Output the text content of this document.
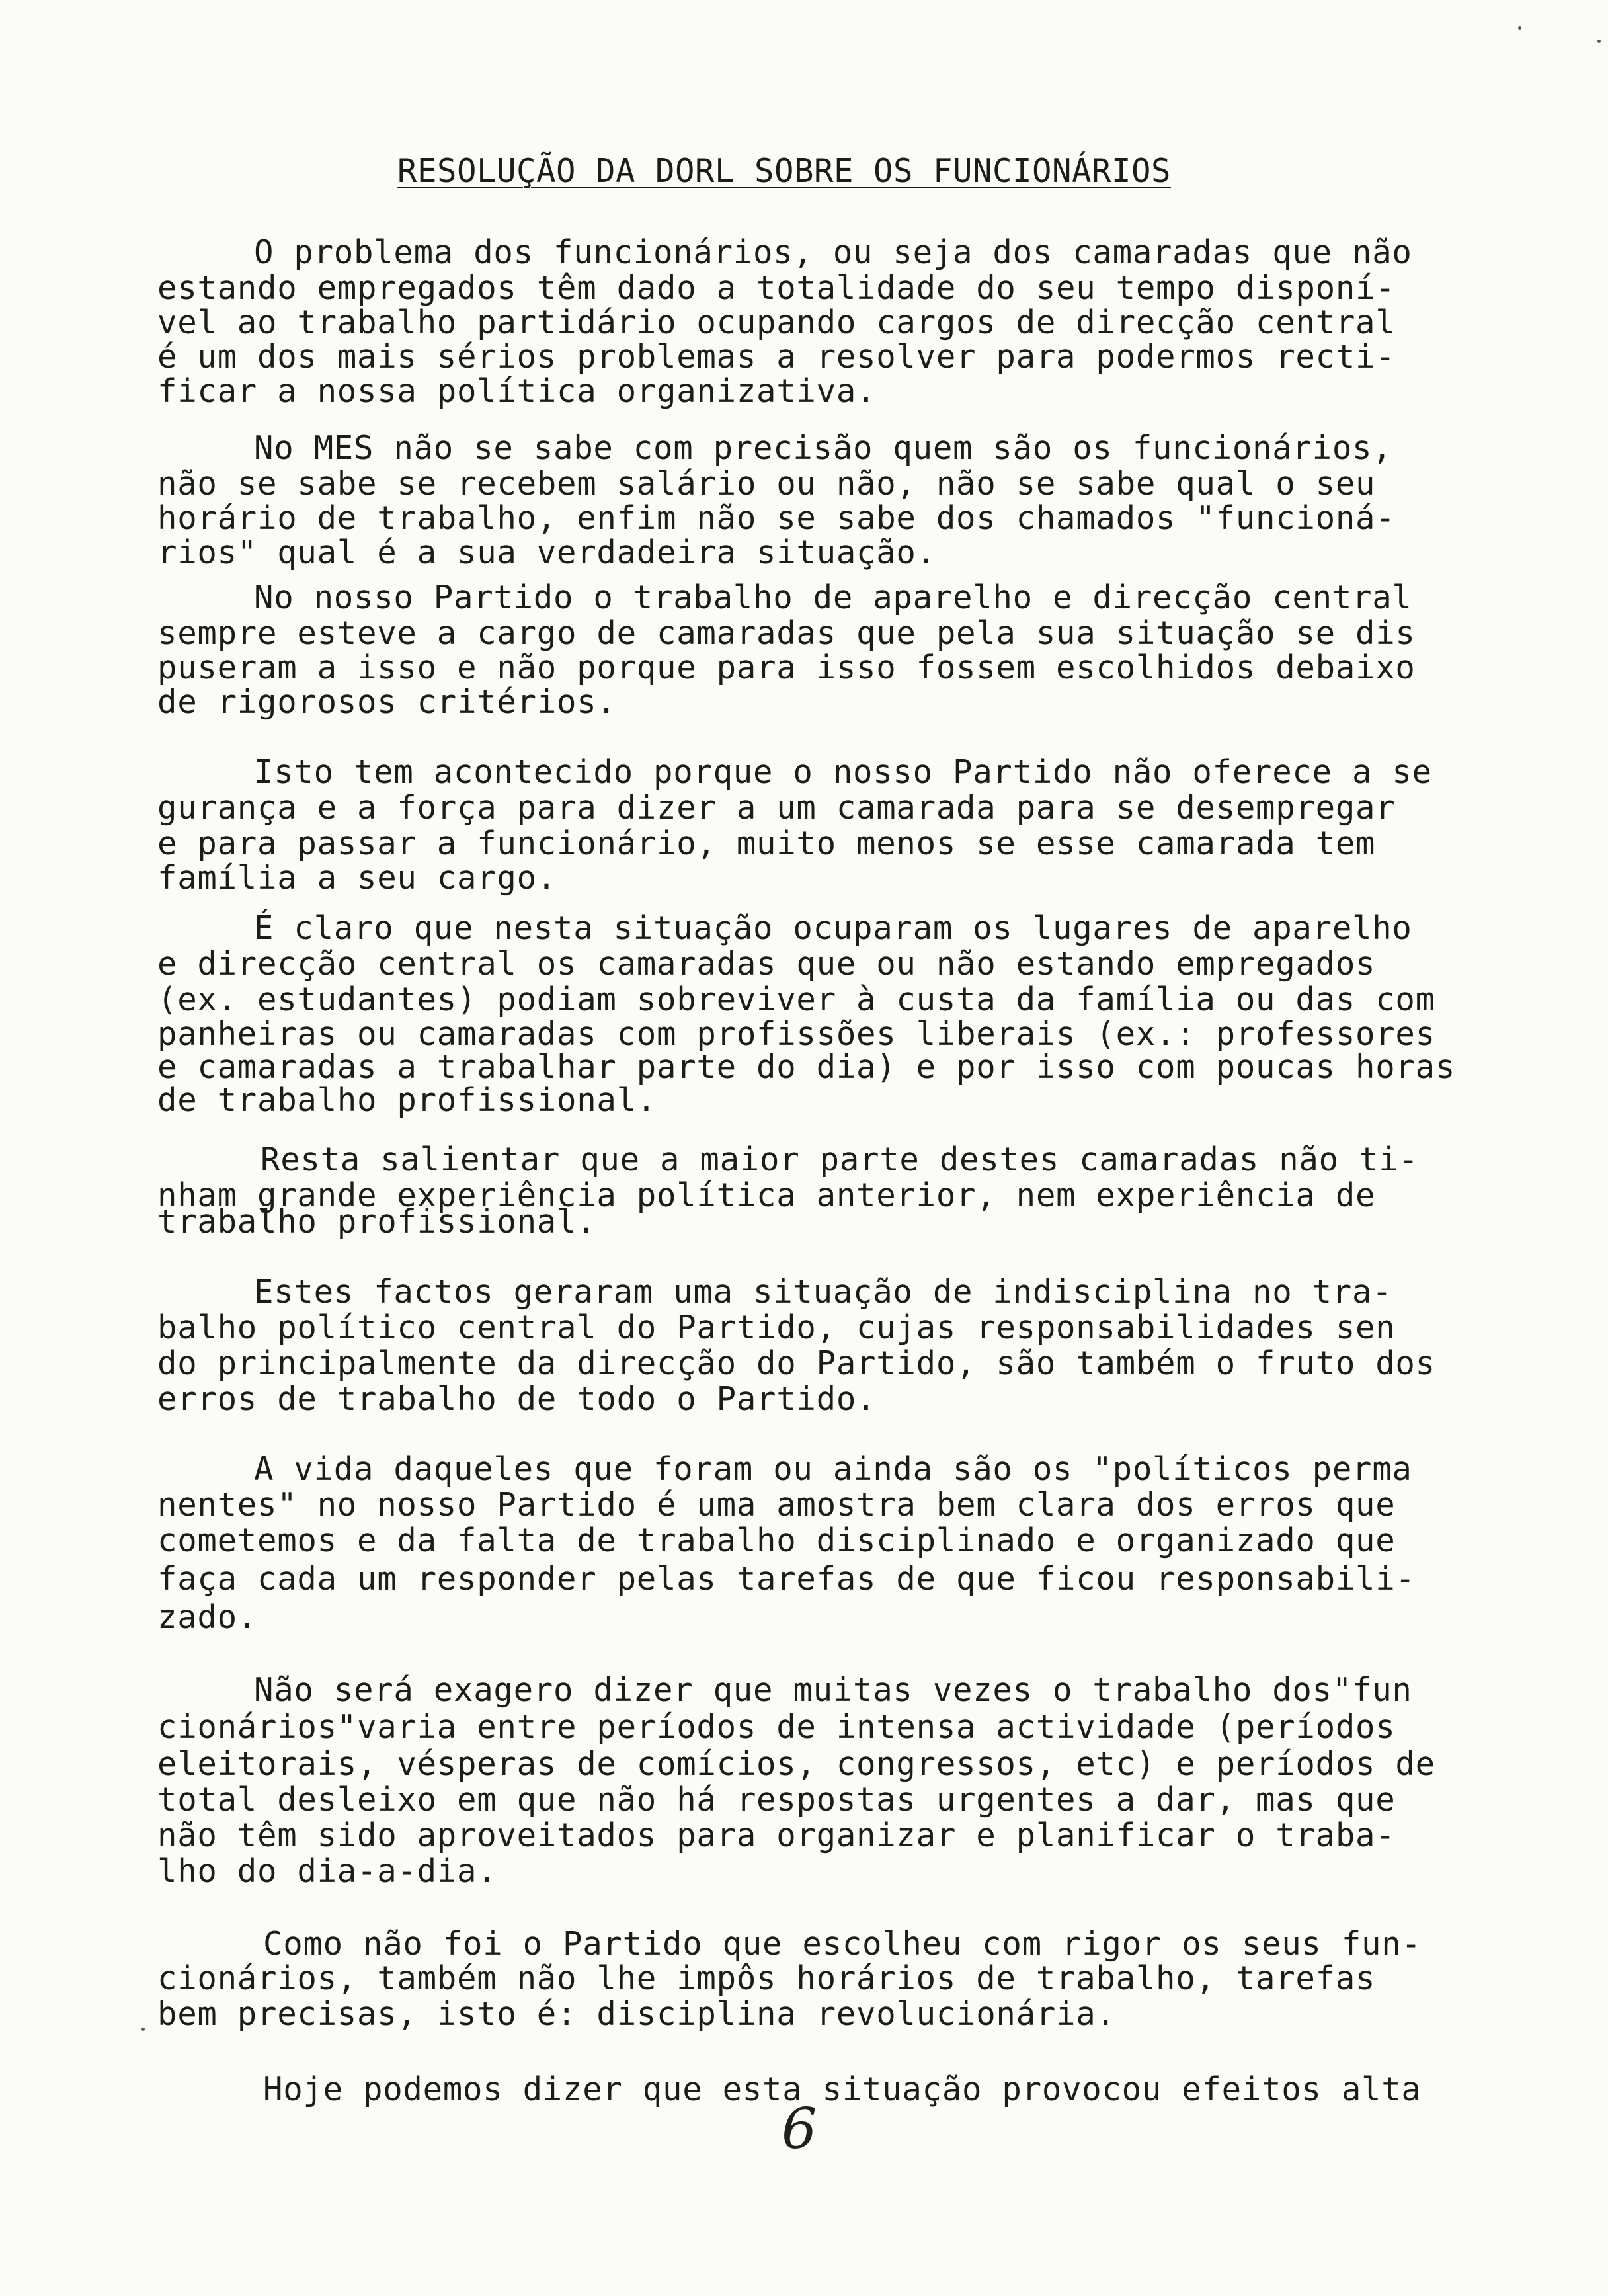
RESOLUÇÃO DA DORL SOBRE OS FUNCIONÁRIOS
O problema dos funcionários, ou seja dos camaradas que não
estando empregados têm dado a totalidade do seu tempo disponí-
vel ao trabalho partidário ocupando cargos de direcção central
é um dos mais sérios problemas a resolver para podermos recti-
ficar a nossa política organizativa.
No MES não se sabe com precisão quem são os funcionários,
não se sabe se recebem salário ou não, não se sabe qual o seu
horário de trabalho, enfim não se sabe dos chamados "funcioná-
rios" qual é a sua verdadeira situação.
No nosso Partido o trabalho de aparelho e direcção central
sempre esteve a cargo de camaradas que pela sua situação se dis
puseram a isso e não porque para isso fossem escolhidos debaixo
de rigorosos critérios.
Isto tem acontecido porque o nosso Partido não oferece a se
gurança e a força para dizer a um camarada para se desempregar
e para passar a funcionário, muito menos se esse camarada tem
família a seu cargo.
É claro que nesta situação ocuparam os lugares de aparelho
e direcção central os camaradas que ou não estando empregados
(ex. estudantes) podiam sobreviver à custa da família ou das com
panheiras ou camaradas com profissões liberais (ex.: professores
e camaradas a trabalhar parte do dia) e por isso com poucas horas
de trabalho profissional.
Resta salientar que a maior parte destes camaradas não ti-
nham grande experiência política anterior, nem experiência de
trabalho profissional.
Estes factos geraram uma situação de indisciplina no tra-
balho político central do Partido, cujas responsabilidades sen
do principalmente da direcção do Partido, são também o fruto dos
erros de trabalho de todo o Partido.
A vida daqueles que foram ou ainda são os "políticos perma
nentes" no nosso Partido é uma amostra bem clara dos erros que
cometemos e da falta de trabalho disciplinado e organizado que
faça cada um responder pelas tarefas de que ficou responsabili-
zado.
Não será exagero dizer que muitas vezes o trabalho dos"fun
cionários"varia entre períodos de intensa actividade (períodos
eleitorais, vésperas de comícios, congressos, etc) e períodos de
total desleixo em que não há respostas urgentes a dar, mas que
não têm sido aproveitados para organizar e planificar o traba-
lho do dia-a-dia.
Como não foi o Partido que escolheu com rigor os seus fun-
cionários, também não lhe impôs horários de trabalho, tarefas
bem precisas, isto é: disciplina revolucionária.
Hoje podemos dizer que esta situação provocou efeitos alta
6
